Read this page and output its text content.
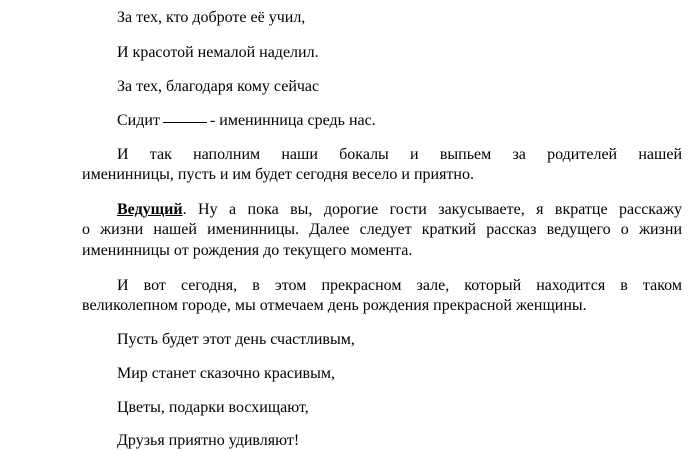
За тех, кто доброте её учил,
И красотой немалой наделил.
За тех, благодаря кому сейчас
Сидит	- именинница средь нас.
И так наполним наши бокалы и выпьем за родителей нашей
именинницы, пусть и им будет сегодня весело и приятно.
Ведущий. Ну а пока вы, дорогие гости закусываете, я вкратце расскажу
о жизни нашей именинницы. Далее следует краткий рассказ ведущего о жизни
именинницы от рождения до текущего момента.
И вот сегодня, в этом прекрасном зале, который находится в таком
великолепном городе, мы отмечаем день рождения прекрасной женщины.
Пусть будет этот день счастливым,
Мир станет сказочно красивым,
Цветы, подарки восхищают,
Друзья приятно удивляют!
